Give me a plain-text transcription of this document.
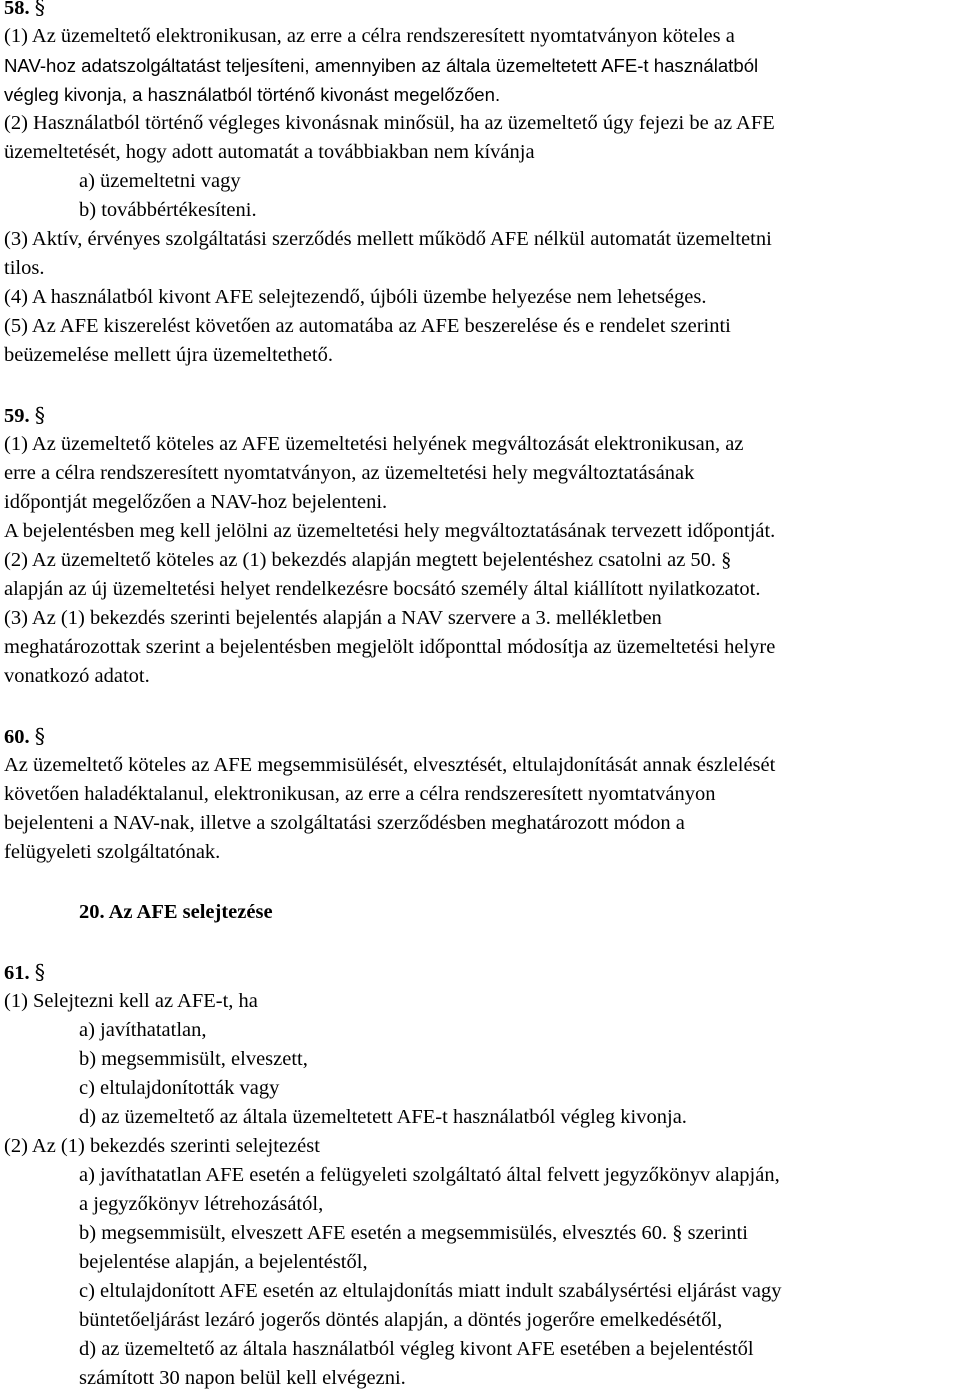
58. §
(1) Az üzemeltető elektronikusan, az erre a célra rendszeresített nyomtatványon köteles a
NAV-hoz adatszolgáltatást teljesíteni, amennyiben az általa üzemeltetett AFE-t használatból
végleg kivonja, a használatból történő kivonást megelőzően.
(2) Használatból történő végleges kivonásnak minősül, ha az üzemeltető úgy fejezi be az AFE
üzemeltetését, hogy adott automatát a továbbiakban nem kívánja
a) üzemeltetni vagy
b) továbbértékesíteni.
(3) Aktív, érvényes szolgáltatási szerződés mellett működő AFE nélkül automatát üzemeltetni
tilos.
(4) A használatból kivont AFE selejtezendő, újbóli üzembe helyezése nem lehetséges.
(5) Az AFE kiszerelést követően az automatába az AFE beszerelése és e rendelet szerinti
beüzemelése mellett újra üzemeltethető.
59. §
(1) Az üzemeltető köteles az AFE üzemeltetési helyének megváltozását elektronikusan, az
erre a célra rendszeresített nyomtatványon, az üzemeltetési hely megváltoztatásának
időpontját megelőzően a NAV-hoz bejelenteni.
A bejelentésben meg kell jelölni az üzemeltetési hely megváltoztatásának tervezett időpontját.
(2) Az üzemeltető köteles az (1) bekezdés alapján megtett bejelentéshez csatolni az 50. §
alapján az új üzemeltetési helyet rendelkezésre bocsátó személy által kiállított nyilatkozatot.
(3) Az (1) bekezdés szerinti bejelentés alapján a NAV szervere a 3. mellékletben
meghatározottak szerint a bejelentésben megjelölt időponttal módosítja az üzemeltetési helyre
vonatkozó adatot.
60. §
Az üzemeltető köteles az AFE megsemmisülését, elvesztését, eltulajdonítását annak észlelését
követően haladéktalanul, elektronikusan, az erre a célra rendszeresített nyomtatványon
bejelenteni a NAV-nak, illetve a szolgáltatási szerződésben meghatározott módon a
felügyeleti szolgáltatónak.
20. Az AFE selejtezése
61. §
(1) Selejtezni kell az AFE-t, ha
a) javíthatatlan,
b) megsemmisült, elveszett,
c) eltulajdonították vagy
d) az üzemeltető az általa üzemeltetett AFE-t használatból végleg kivonja.
(2) Az (1) bekezdés szerinti selejtezést
a) javíthatatlan AFE esetén a felügyeleti szolgáltató által felvett jegyzőkönyv alapján,
a jegyzőkönyv létrehozásától,
b) megsemmisült, elveszett AFE esetén a megsemmisülés, elvesztés 60. § szerinti
bejelentése alapján, a bejelentéstől,
c) eltulajdonított AFE esetén az eltulajdonítás miatt indult szabálysértési eljárást vagy
büntetőeljárást lezáró jogerős döntés alapján, a döntés jogerőre emelkedésétől,
d) az üzemeltető az általa használatból végleg kivont AFE esetében a bejelentéstől
számított 30 napon belül kell elvégezni.
